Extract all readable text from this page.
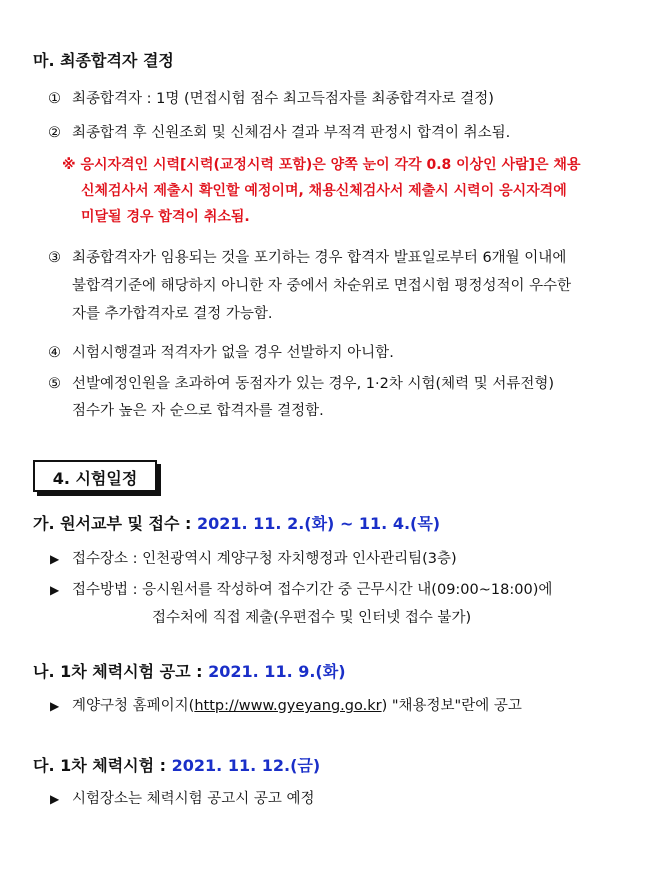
마. 최종합격자 결정
① 최종합격자 : 1명 (면접시험 점수 최고득점자를 최종합격자로 결정)
② 최종합격 후 신원조회 및 신체검사 결과 부적격 판정시 합격이 취소됨.
※ 응시자격인 시력[시력(교정시력 포함)은 양쪽 눈이 각각 0.8 이상인 사람]은 채용
신체검사서 제출시 확인할 예정이며, 채용신체검사서 제출시 시력이 응시자격에
미달될 경우 합격이 취소됨.
③ 최종합격자가 임용되는 것을 포기하는 경우 합격자 발표일로부터 6개월 이내에
불합격기준에 해당하지 아니한 자 중에서 차순위로 면접시험 평정성적이 우수한
자를 추가합격자로 결정 가능함.
④ 시험시행결과 적격자가 없을 경우 선발하지 아니함.
⑤ 선발예정인원을 초과하여 동점자가 있는 경우, 1·2차 시험(체력 및 서류전형)
점수가 높은 자 순으로 합격자를 결정함.
4. 시험일정
가. 원서교부 및 접수 : 2021. 11. 2.(화) ~ 11. 4.(목)
▶ 접수장소 : 인천광역시 계양구청 자치행정과 인사관리팀(3층)
▶ 접수방법 : 응시원서를 작성하여 접수기간 중 근무시간 내(09:00~18:00)에
접수처에 직접 제출(우편접수 및 인터넷 접수 불가)
나. 1차 체력시험 공고 : 2021. 11. 9.(화)
▶ 계양구청 홈페이지(http://www.gyeyang.go.kr) "채용정보"란에 공고
다. 1차 체력시험 : 2021. 11. 12.(금)
▶ 시험장소는 체력시험 공고시 공고 예정
